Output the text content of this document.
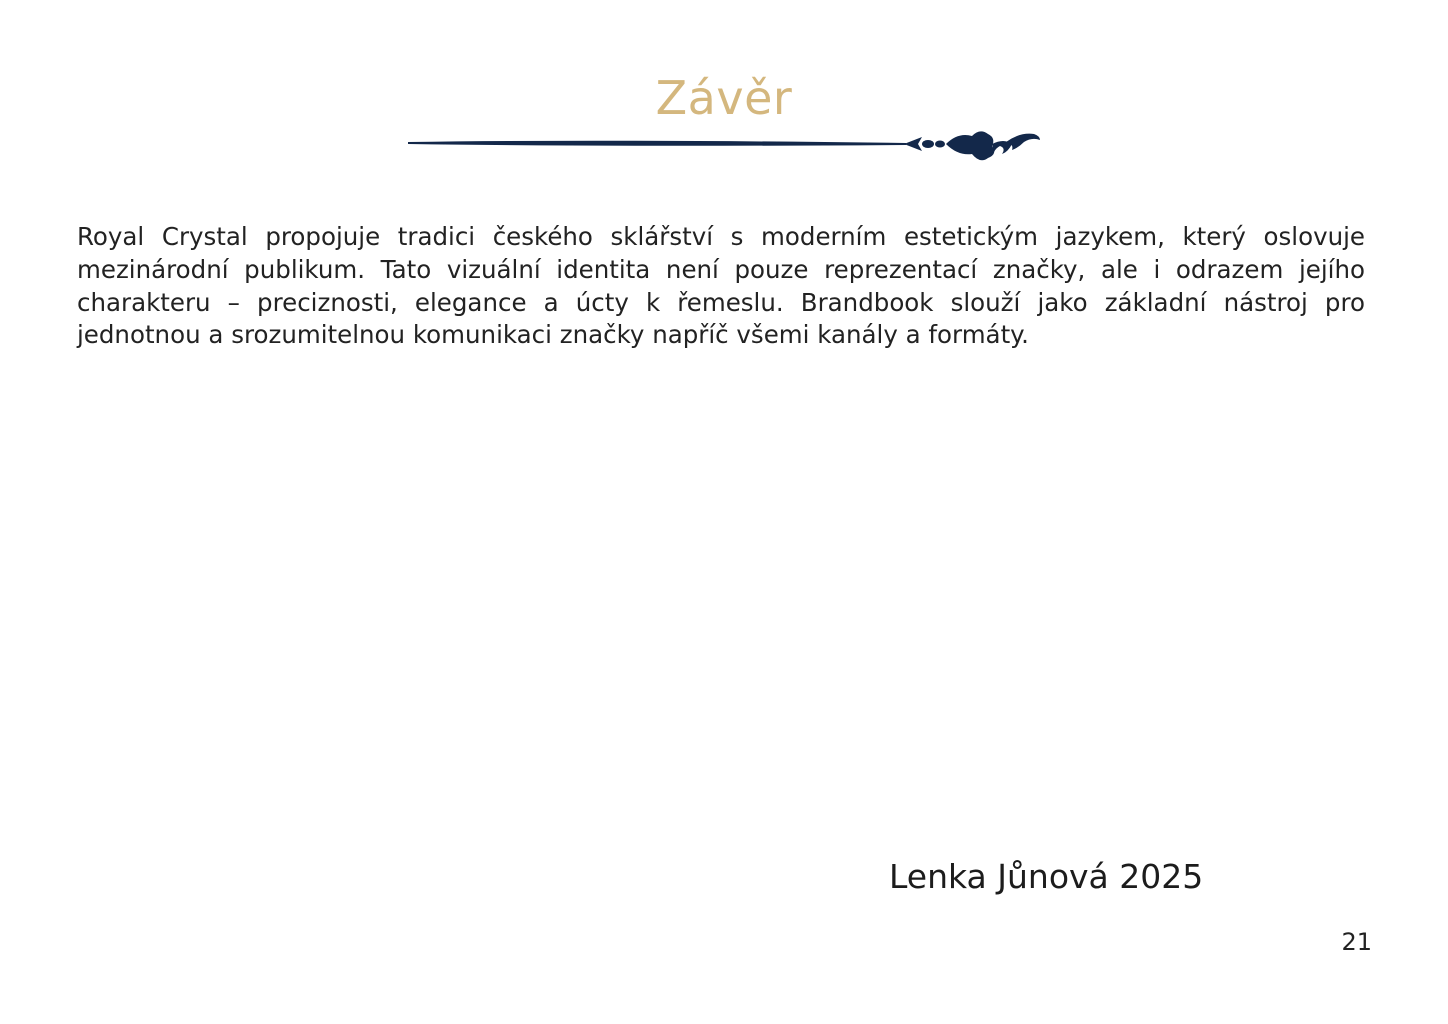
Závěr

Royal Crystal propojuje tradici českého sklářství s moderním estetickým jazykem, který oslovuje mezinárodní publikum. Tato vizuální identita není pouze reprezentací značky, ale i odrazem jejího charakteru – preciznosti, elegance a úcty k řemeslu. Brandbook slouží jako základní nástroj pro jednotnou a srozumitelnou komunikaci značky napříč všemi kanály a formáty.

Lenka Jůnová 2025
21
